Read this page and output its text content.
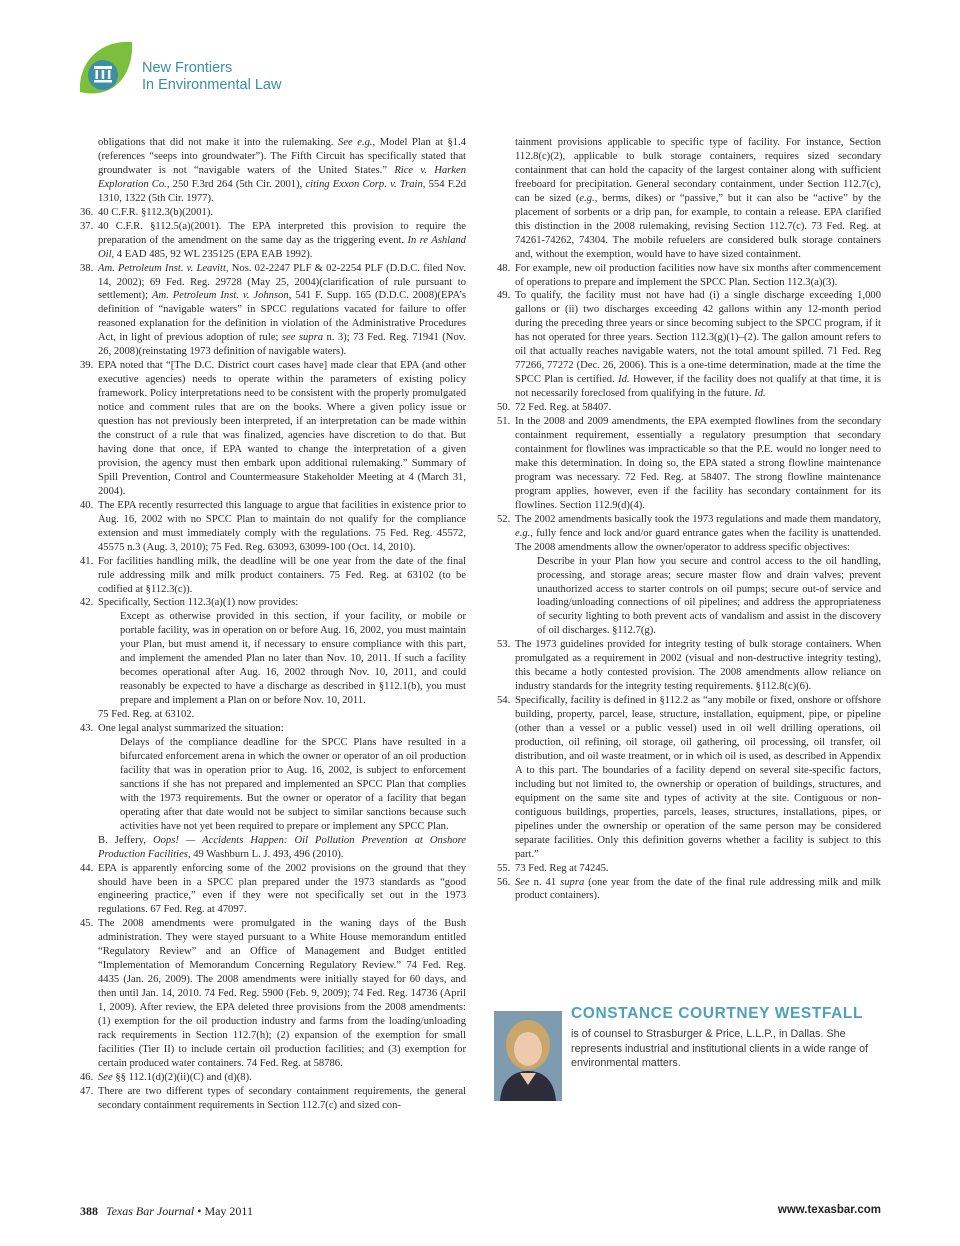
New Frontiers
In Environmental Law
obligations that did not make it into the rulemaking. See e.g., Model Plan at §1.4 (references “seeps into groundwater”). The Fifth Circuit has specifically stated that groundwater is not “navigable waters of the United States.” Rice v. Harken Exploration Co., 250 F.3rd 264 (5th Cir. 2001), citing Exxon Corp. v. Train, 554 F.2d 1310, 1322 (5th Cir. 1977).
36. 40 C.F.R. §112.3(b)(2001).
37. 40 C.F.R. §112.5(a)(2001). The EPA interpreted this provision to require the preparation of the amendment on the same day as the triggering event. In re Ashland Oil, 4 EAD 485, 92 WL 235125 (EPA EAB 1992).
38. Am. Petroleum Inst. v. Leavitt, Nos. 02-2247 PLF & 02-2254 PLF (D.D.C. filed Nov. 14, 2002); 69 Fed. Reg. 29728 (May 25, 2004)(clarification of rule pursuant to settlement); Am. Petroleum Inst. v. Johnson, 541 F. Supp. 165 (D.D.C. 2008)(EPA’s definition of “navigable waters” in SPCC regulations vacated for failure to offer reasoned explanation for the definition in violation of the Administrative Procedures Act, in light of previous adoption of rule; see supra n. 3); 73 Fed. Reg. 71941 (Nov. 26, 2008)(reinstating 1973 definition of navigable waters).
39. EPA noted that “[The D.C. District court cases have] made clear that EPA (and other executive agencies) needs to operate within the parameters of existing policy framework. Policy interpretations need to be consistent with the properly promulgated notice and comment rules that are on the books. Where a given policy issue or question has not previously been interpreted, if an interpretation can be made within the construct of a rule that was finalized, agencies have discretion to do that. But having done that once, if EPA wanted to change the interpretation of a given provision, the agency must then embark upon additional rulemaking.” Summary of Spill Prevention, Control and Countermeasure Stakeholder Meeting at 4 (March 31, 2004).
40. The EPA recently resurrected this language to argue that facilities in existence prior to Aug. 16, 2002 with no SPCC Plan to maintain do not qualify for the compliance extension and must immediately comply with the regulations. 75 Fed. Reg. 45572, 45575 n.3 (Aug. 3, 2010); 75 Fed. Reg. 63093, 63099-100 (Oct. 14, 2010).
41. For facilities handling milk, the deadline will be one year from the date of the final rule addressing milk and milk product containers. 75 Fed. Reg. at 63102 (to be codified at §112.3(c)).
42. Specifically, Section 112.3(a)(1) now provides:
Except as otherwise provided in this section, if your facility, or mobile or portable facility, was in operation on or before Aug. 16, 2002, you must maintain your Plan, but must amend it, if necessary to ensure compliance with this part, and implement the amended Plan no later than Nov. 10, 2011. If such a facility becomes operational after Aug. 16, 2002 through Nov. 10, 2011, and could reasonably be expected to have a discharge as described in §112.1(b), you must prepare and implement a Plan on or before Nov. 10, 2011.
75 Fed. Reg. at 63102.
43. One legal analyst summarized the situation:
Delays of the compliance deadline for the SPCC Plans have resulted in a bifurcated enforcement arena in which the owner or operator of an oil production facility that was in operation prior to Aug. 16, 2002, is subject to enforcement sanctions if she has not prepared and implemented an SPCC Plan that complies with the 1973 requirements. But the owner or operator of a facility that began operating after that date would not be subject to similar sanctions because such activities have not yet been required to prepare or implement any SPCC Plan.
B. Jeffery, Oops! — Accidents Happen: Oil Pollution Prevention at Onshore Production Facilities, 49 Washburn L. J. 493, 496 (2010).
44. EPA is apparently enforcing some of the 2002 provisions on the ground that they should have been in a SPCC plan prepared under the 1973 standards as “good engineering practice,” even if they were not specifically set out in the 1973 regulations. 67 Fed. Reg. at 47097.
45. The 2008 amendments were promulgated in the waning days of the Bush administration. They were stayed pursuant to a White House memorandum entitled “Regulatory Review” and an Office of Management and Budget entitled “Implementation of Memorandum Concerning Regulatory Review.” 74 Fed. Reg. 4435 (Jan. 26, 2009). The 2008 amendments were initially stayed for 60 days, and then until Jan. 14, 2010. 74 Fed. Reg. 5900 (Feb. 9, 2009); 74 Fed. Reg. 14736 (April 1, 2009). After review, the EPA deleted three provisions from the 2008 amendments: (1) exemption for the oil production industry and farms from the loading/unloading rack requirements in Section 112.7(h); (2) expansion of the exemption for small facilities (Tier II) to include certain oil production facilities; and (3) exemption for certain produced water containers. 74 Fed. Reg. at 58786.
46. See §§ 112.1(d)(2)(ii)(C) and (d)(8).
47. There are two different types of secondary containment requirements, the general secondary containment requirements in Section 112.7(c) and sized con-
tainment provisions applicable to specific type of facility. For instance, Section 112.8(c)(2), applicable to bulk storage containers, requires sized secondary containment that can hold the capacity of the largest container along with sufficient freeboard for precipitation. General secondary containment, under Section 112.7(c), can be sized (e.g., berms, dikes) or “passive,” but it can also be “active” by the placement of sorbents or a drip pan, for example, to contain a release. EPA clarified this distinction in the 2008 rulemaking, revising Section 112.7(c). 73 Fed. Reg. at 74261-74262, 74304. The mobile refuelers are considered bulk storage containers and, without the exemption, would have to have sized containment.
48. For example, new oil production facilities now have six months after commencement of operations to prepare and implement the SPCC Plan. Section 112.3(a)(3).
49. To qualify, the facility must not have had (i) a single discharge exceeding 1,000 gallons or (ii) two discharges exceeding 42 gallons within any 12-month period during the preceding three years or since becoming subject to the SPCC program, if it has not operated for three years. Section 112.3(g)(1)–(2). The gallon amount refers to oil that actually reaches navigable waters, not the total amount spilled. 71 Fed. Reg 77266, 77272 (Dec. 26, 2006). This is a one-time determination, made at the time the SPCC Plan is certified. Id. However, if the facility does not qualify at that time, it is not necessarily foreclosed from qualifying in the future. Id.
50. 72 Fed. Reg. at 58407.
51. In the 2008 and 2009 amendments, the EPA exempted flowlines from the secondary containment requirement, essentially a regulatory presumption that secondary containment for flowlines was impracticable so that the P.E. would no longer need to make this determination. In doing so, the EPA stated a strong flowline maintenance program was necessary. 72 Fed. Reg. at 58407. The strong flowline maintenance program applies, however, even if the facility has secondary containment for its flowlines. Section 112.9(d)(4).
52. The 2002 amendments basically took the 1973 regulations and made them mandatory, e.g., fully fence and lock and/or guard entrance gates when the facility is unattended. The 2008 amendments allow the owner/operator to address specific objectives:
Describe in your Plan how you secure and control access to the oil handling, processing, and storage areas; secure master flow and drain valves; prevent unauthorized access to starter controls on oil pumps; secure out-of service and loading/unloading connections of oil pipelines; and address the appropriateness of security lighting to both prevent acts of vandalism and assist in the discovery of oil discharges. §112.7(g).
53. The 1973 guidelines provided for integrity testing of bulk storage containers. When promulgated as a requirement in 2002 (visual and non-destructive integrity testing), this became a hotly contested provision. The 2008 amendments allow reliance on industry standards for the integrity testing requirements. §112.8(c)(6).
54. Specifically, facility is defined in §112.2 as “any mobile or fixed, onshore or offshore building, property, parcel, lease, structure, installation, equipment, pipe, or pipeline (other than a vessel or a public vessel) used in oil well drilling operations, oil production, oil refining, oil storage, oil gathering, oil processing, oil transfer, oil distribution, and oil waste treatment, or in which oil is used, as described in Appendix A to this part. The boundaries of a facility depend on several site-specific factors, including but not limited to, the ownership or operation of buildings, structures, and equipment on the same site and types of activity at the site. Contiguous or non-contiguous buildings, properties, parcels, leases, structures, installations, pipes, or pipelines under the ownership or operation of the same person may be considered separate facilities. Only this definition governs whether a facility is subject to this part.”
55. 73 Fed. Reg at 74245.
56. See n. 41 supra (one year from the date of the final rule addressing milk and milk product containers).
CONSTANCE COURTNEY WESTFALL
is of counsel to Strasburger & Price, L.L.P., in Dallas. She represents industrial and institutional clients in a wide range of environmental matters.
388 Texas Bar Journal • May 2011	www.texasbar.com
